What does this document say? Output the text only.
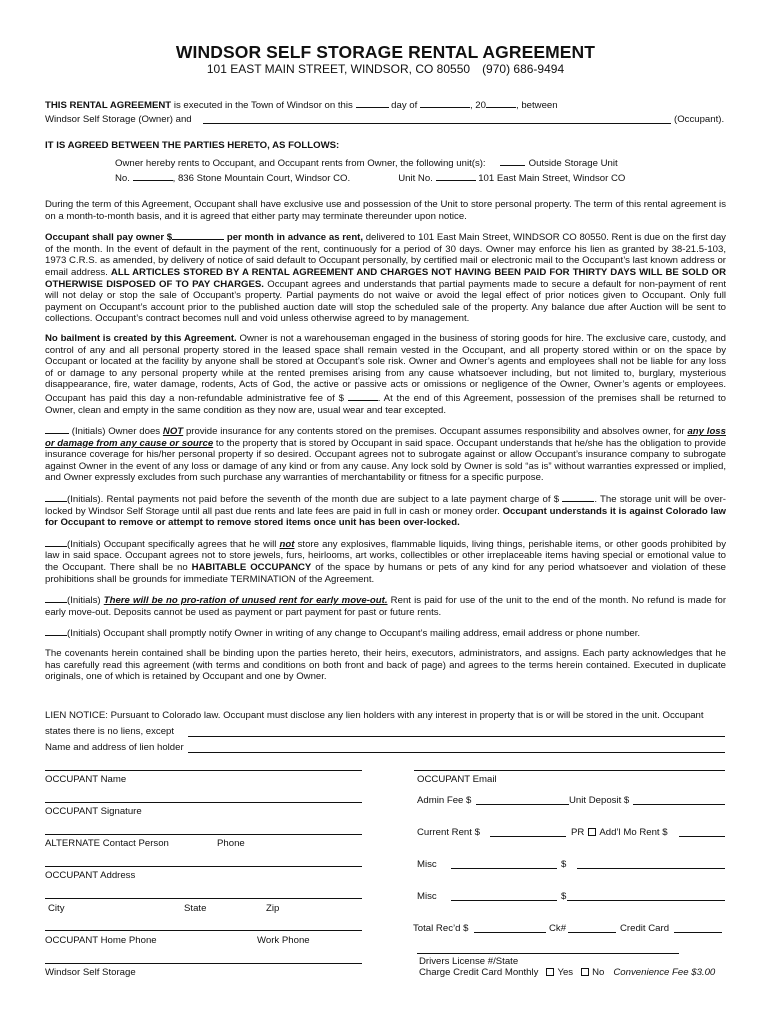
WINDSOR SELF STORAGE RENTAL AGREEMENT
101 EAST MAIN STREET, WINDSOR, CO 80550 (970) 686-9494
THIS RENTAL AGREEMENT is executed in the Town of Windsor on this	day of	, 20	, between
Windsor Self Storage (Owner) and	(Occupant).
IT IS AGREED BETWEEN THE PARTIES HERETO, AS FOLLOWS:
Owner hereby rents to Occupant, and Occupant rents from Owner, the following unit(s):	Outside Storage Unit
No.	, 836 Stone Mountain Court, Windsor CO.	Unit No.	101 East Main Street, Windsor CO

During the term of this Agreement, Occupant shall have exclusive use and possession of the Unit to store personal property. The term of this rental agreement is on a month-to-month basis, and it is agreed that either party may terminate thereunder upon notice.

Occupant shall pay owner $	per month in advance as rent, delivered to 101 East Main Street, WINDSOR CO 80550. Rent is due on the first day of the month. In the event of default in the payment of the rent, continuously for a period of 30 days. Owner may enforce his lien as granted by 38-21.5-103, 1973 C.R.S. as amended, by delivery of notice of said default to Occupant personally, by certified mail or electronic mail to the Occupant’s last known address or email address. ALL ARTICLES STORED BY A RENTAL AGREEMENT AND CHARGES NOT HAVING BEEN PAID FOR THIRTY DAYS WILL BE SOLD OR OTHERWISE DISPOSED OF TO PAY CHARGES. Occupant agrees and understands that partial payments made to secure a default for non-payment of rent will not delay or stop the sale of Occupant’s property. Partial payments do not waive or avoid the legal effect of prior notices given to Occupant. Only full payment on Occupant’s account prior to the published auction date will stop the scheduled sale of the property. Any balance due after Auction will be sent to collections. Occupant’s contract becomes null and void unless otherwise agreed to by management.

No bailment is created by this Agreement. Owner is not a warehouseman engaged in the business of storing goods for hire. The exclusive care, custody, and control of any and all personal property stored in the leased space shall remain vested in the Occupant, and all property stored within or on the space by Occupant or located at the facility by anyone shall be stored at Occupant’s sole risk. Owner and Owner’s agents and employees shall not be liable for any loss of or damage to any personal property while at the rented premises arising from any cause whatsoever including, but not limited to, burglary, mysterious disappearance, fire, water damage, rodents, Acts of God, the active or passive acts or omissions or negligence of the Owner, Owner’s agents or employees. Occupant has paid this day a non-refundable administrative fee of $	. At the end of this Agreement, possession of the premises shall be returned to Owner, clean and empty in the same condition as they now are, usual wear and tear excepted.

(Initials) Owner does NOT provide insurance for any contents stored on the premises. Occupant assumes responsibility and absolves owner, for any loss or damage from any cause or source to the property that is stored by Occupant in said space. Occupant understands that he/she has the obligation to provide insurance coverage for his/her personal property if so desired. Occupant agrees not to subrogate against or allow Occupant’s insurance company to subrogate against Owner in the event of any loss or damage of any kind or from any cause. Any lock sold by Owner is sold “as is” without warranties expressed or implied, and Owner expressly excludes from such purchase any warranties of merchantability or fitness for a specific purpose.

(Initials). Rental payments not paid before the seventh of the month due are subject to a late payment charge of $	. The storage unit will be over-locked by Windsor Self Storage until all past due rents and late fees are paid in full in cash or money order. Occupant understands it is against Colorado law for Occupant to remove or attempt to remove stored items once unit has been over-locked.

(Initials) Occupant specifically agrees that he will not store any explosives, flammable liquids, living things, perishable items, or other goods prohibited by law in said space. Occupant agrees not to store jewels, furs, heirlooms, art works, collectibles or other irreplaceable items having special or emotional value to the Occupant. There shall be no HABITABLE OCCUPANCY of the space by humans or pets of any kind for any period whatsoever and violation of these prohibitions shall be grounds for immediate TERMINATION of the Agreement.

(Initials) There will be no pro-ration of unused rent for early move-out. Rent is paid for use of the unit to the end of the month. No refund is made for early move-out. Deposits cannot be used as payment or part payment for past or future rents.

(Initials) Occupant shall promptly notify Owner in writing of any change to Occupant’s mailing address, email address or phone number.

The covenants herein contained shall be binding upon the parties hereto, their heirs, executors, administrators, and assigns. Each party acknowledges that he has carefully read this agreement (with terms and conditions on both front and back of page) and agrees to the terms herein contained. Executed in duplicate originals, one of which is retained by Occupant and one by Owner.

LIEN NOTICE: Pursuant to Colorado law. Occupant must disclose any lien holders with any interest in property that is or will be stored in the unit. Occupant
states there is no liens, except
Name and address of lien holder
OCCUPANT Name
OCCUPANT Signature
ALTERNATE Contact Person	Phone
OCCUPANT Address
City	State	Zip
OCCUPANT Home Phone	Work Phone
Windsor Self Storage
OCCUPANT Email
Admin Fee $	Unit Deposit $
Current Rent $	PR Add’l Mo Rent $
Misc	$
Misc	$
Total Rec’d $	Ck#	Credit Card
Drivers License #/State
Charge Credit Card Monthly Yes No Convenience Fee $3.00
